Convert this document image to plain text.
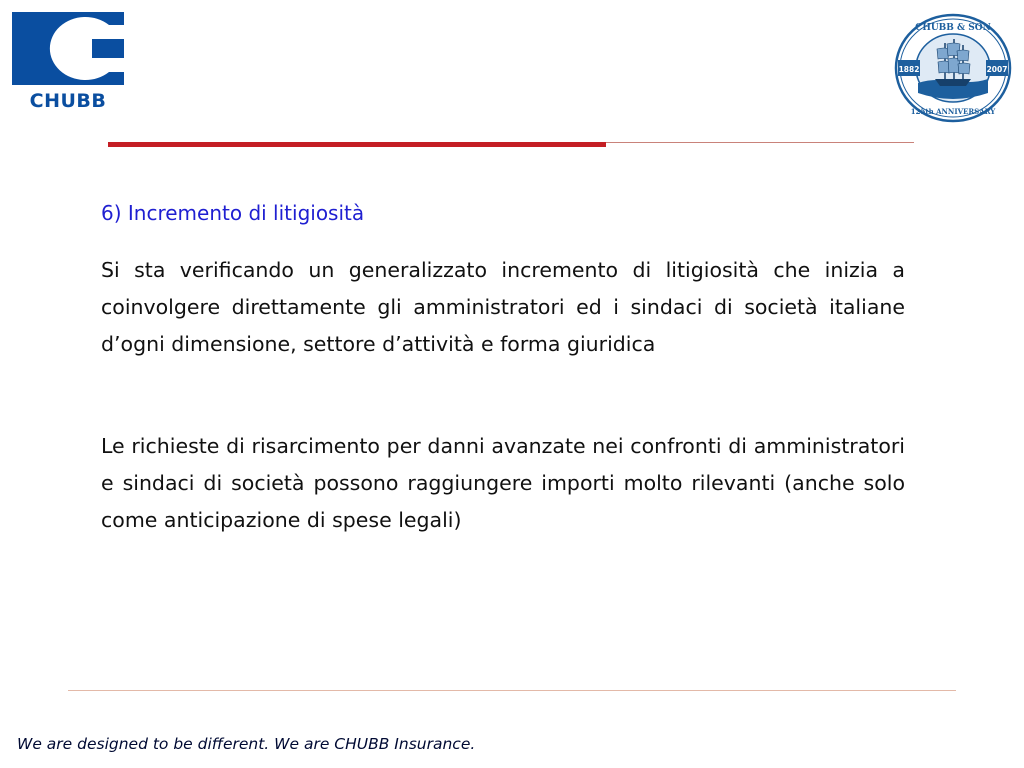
CHUBB
1882	2007
CHUBB & SON
125th ANNIVERSARY
6) Incremento di litigiosità

Si sta verificando un generalizzato incremento di litigiosità che inizia a coinvolgere direttamente gli amministratori ed i sindaci di società italiane d’ogni dimensione, settore d’attività e forma giuridica

Le richieste di risarcimento per danni avanzate nei confronti di amministratori e sindaci di società possono raggiungere importi molto rilevanti (anche solo come anticipazione di spese legali)

We are designed to be different. We are CHUBB Insurance.
